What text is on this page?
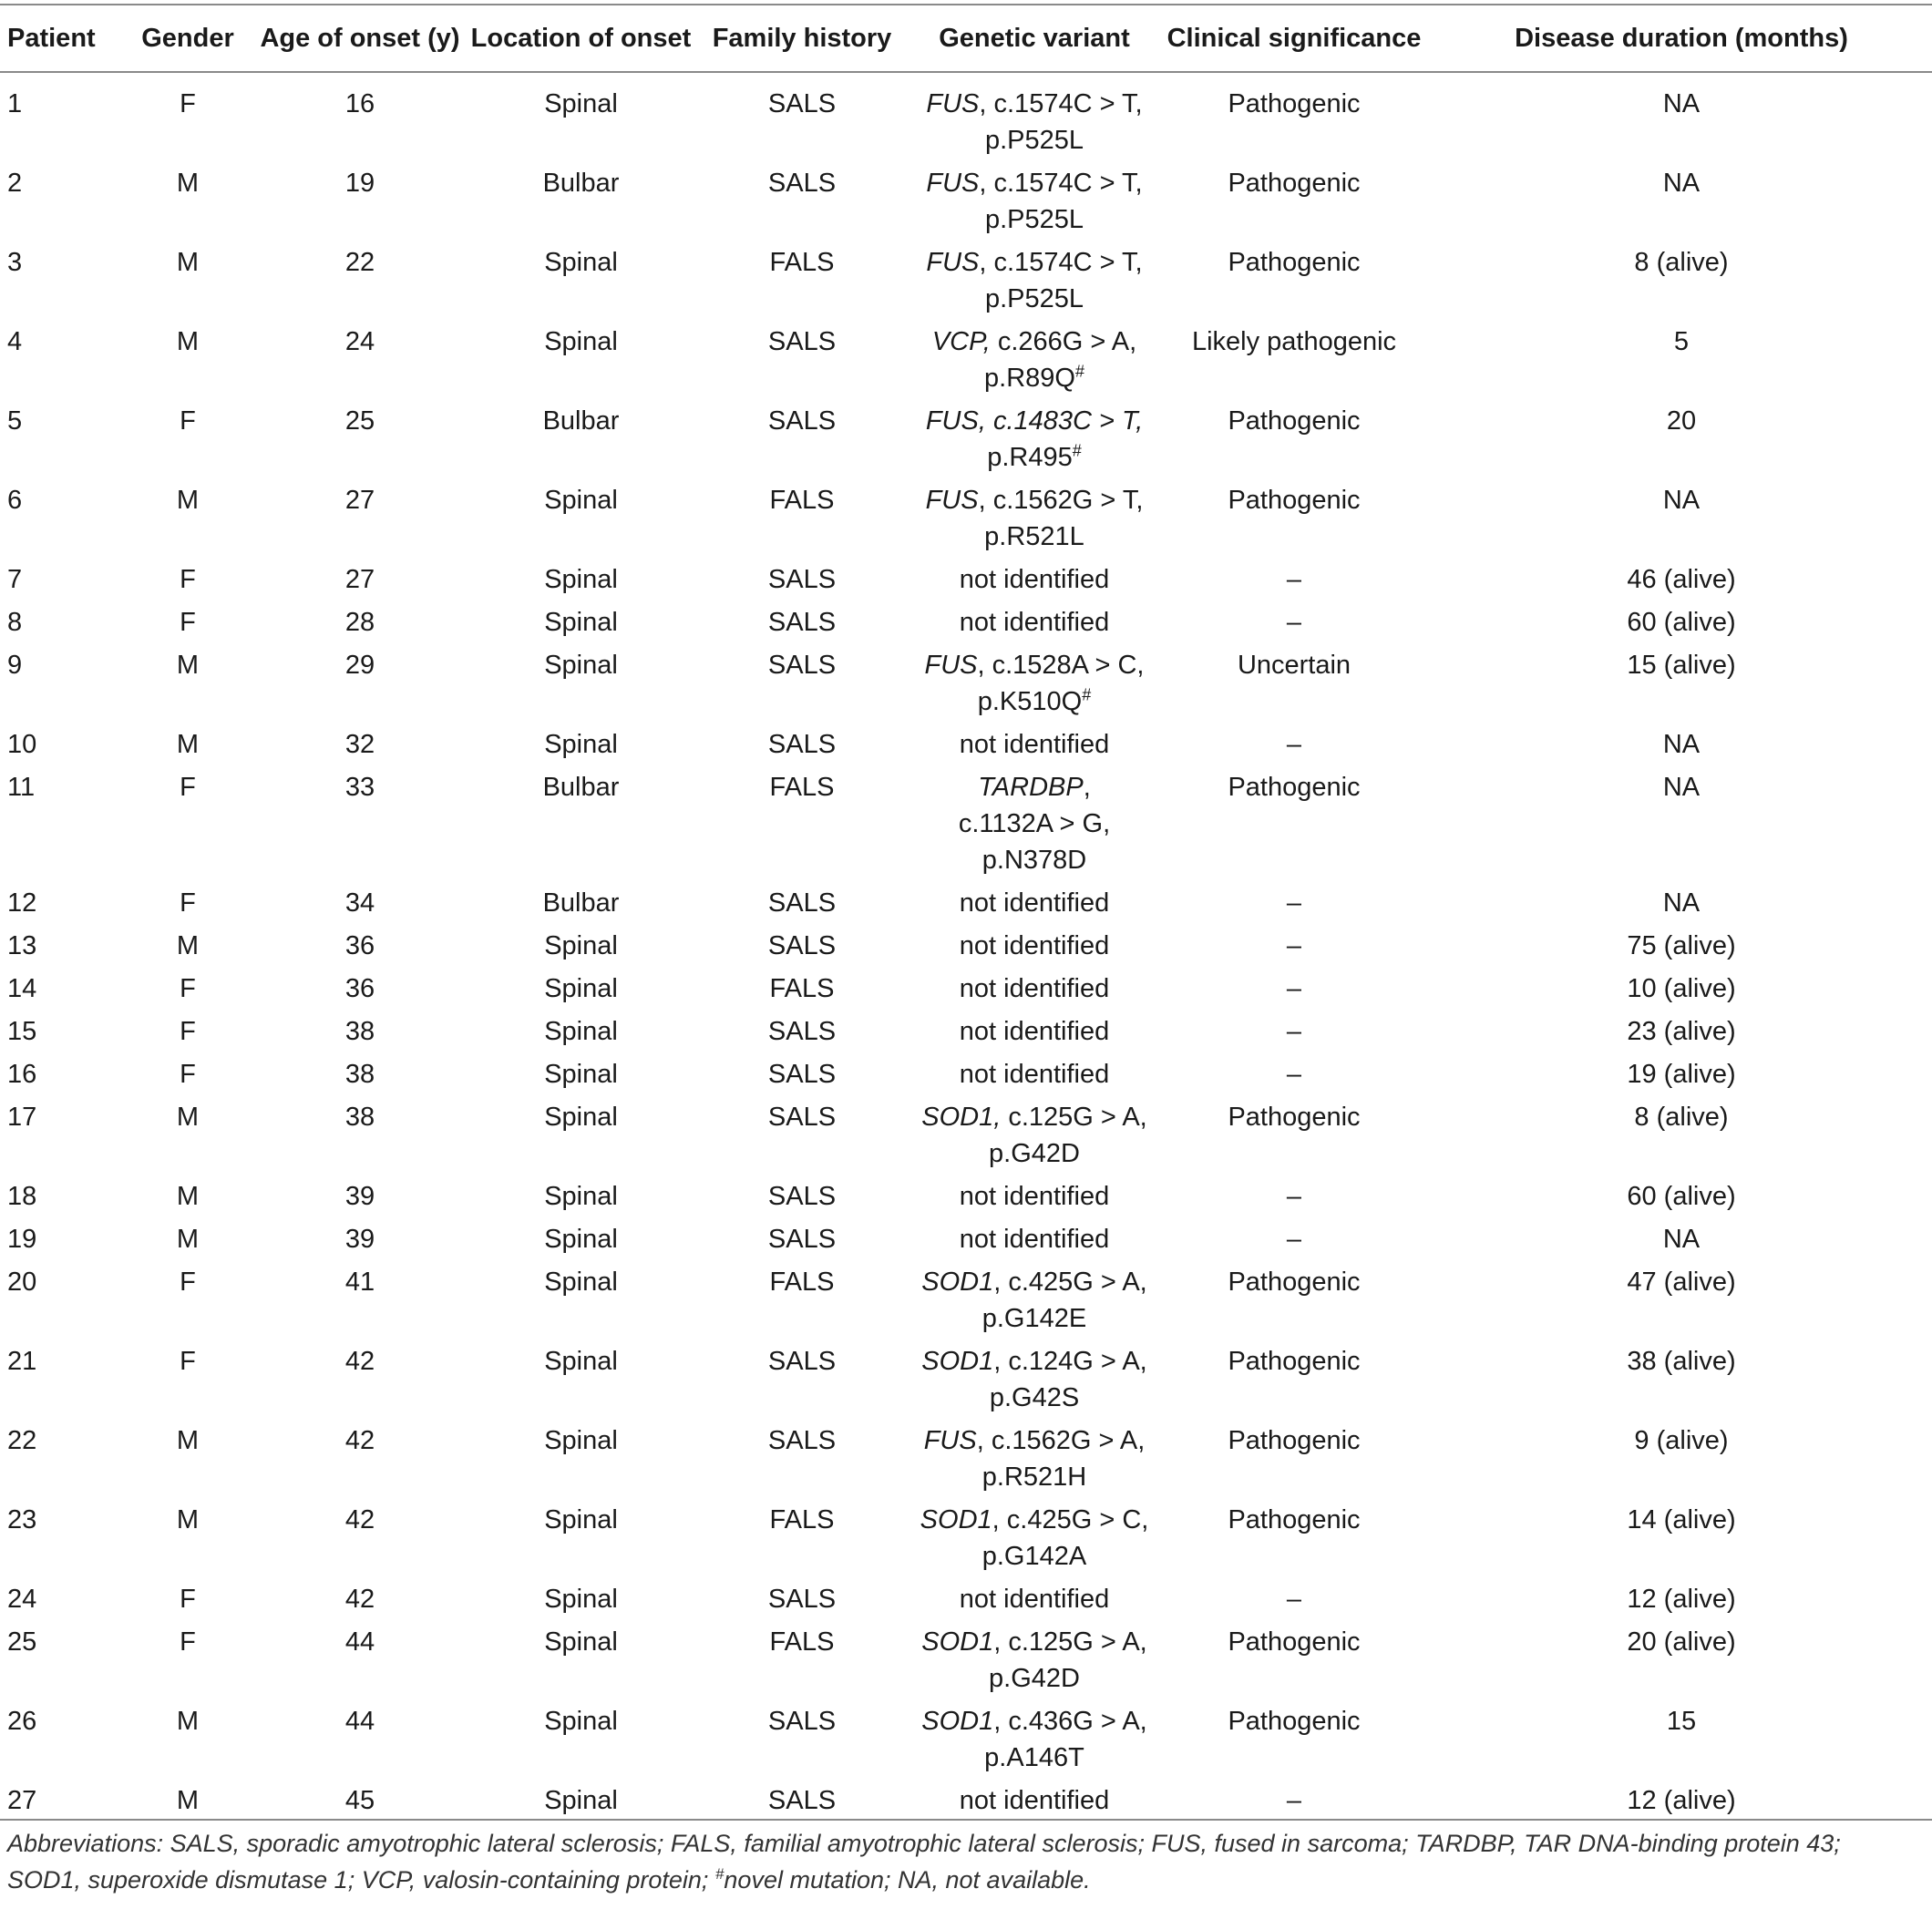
Patient	Gender	Age of onset (y)	Location of onset	Family history	Genetic variant	Clinical significance	Disease duration (months)
1	F	16	Spinal	SALS	FUS, c.1574C > T,
p.P525L	Pathogenic	NA
2	M	19	Bulbar	SALS	FUS, c.1574C > T,
p.P525L	Pathogenic	NA
3	M	22	Spinal	FALS	FUS, c.1574C > T,
p.P525L	Pathogenic	8 (alive)
4	M	24	Spinal	SALS	VCP, c.266G > A,
p.R89Q#	Likely pathogenic	5
5	F	25	Bulbar	SALS	FUS, c.1483C > T,
p.R495#	Pathogenic	20
6	M	27	Spinal	FALS	FUS, c.1562G > T,
p.R521L	Pathogenic	NA
7	F	27	Spinal	SALS	not identified	–	46 (alive)
8	F	28	Spinal	SALS	not identified	–	60 (alive)
9	M	29	Spinal	SALS	FUS, c.1528A > C,
p.K510Q#	Uncertain	15 (alive)
10	M	32	Spinal	SALS	not identified	–	NA
11	F	33	Bulbar	FALS	TARDBP,
c.1132A > G,
p.N378D	Pathogenic	NA
12	F	34	Bulbar	SALS	not identified	–	NA
13	M	36	Spinal	SALS	not identified	–	75 (alive)
14	F	36	Spinal	FALS	not identified	–	10 (alive)
15	F	38	Spinal	SALS	not identified	–	23 (alive)
16	F	38	Spinal	SALS	not identified	–	19 (alive)
17	M	38	Spinal	SALS	SOD1, c.125G > A,
p.G42D	Pathogenic	8 (alive)
18	M	39	Spinal	SALS	not identified	–	60 (alive)
19	M	39	Spinal	SALS	not identified	–	NA
20	F	41	Spinal	FALS	SOD1, c.425G > A,
p.G142E	Pathogenic	47 (alive)
21	F	42	Spinal	SALS	SOD1, c.124G > A,
p.G42S	Pathogenic	38 (alive)
22	M	42	Spinal	SALS	FUS, c.1562G > A,
p.R521H	Pathogenic	9 (alive)
23	M	42	Spinal	FALS	SOD1, c.425G > C,
p.G142A	Pathogenic	14 (alive)
24	F	42	Spinal	SALS	not identified	–	12 (alive)
25	F	44	Spinal	FALS	SOD1, c.125G > A,
p.G42D	Pathogenic	20 (alive)
26	M	44	Spinal	SALS	SOD1, c.436G > A,
p.A146T	Pathogenic	15
27	M	45	Spinal	SALS	not identified	–	12 (alive)
Abbreviations: SALS, sporadic amyotrophic lateral sclerosis; FALS, familial amyotrophic lateral sclerosis; FUS, fused in sarcoma; TARDBP, TAR DNA-binding protein 43; SOD1, superoxide dismutase 1; VCP, valosin-containing protein; #novel mutation; NA, not available.
